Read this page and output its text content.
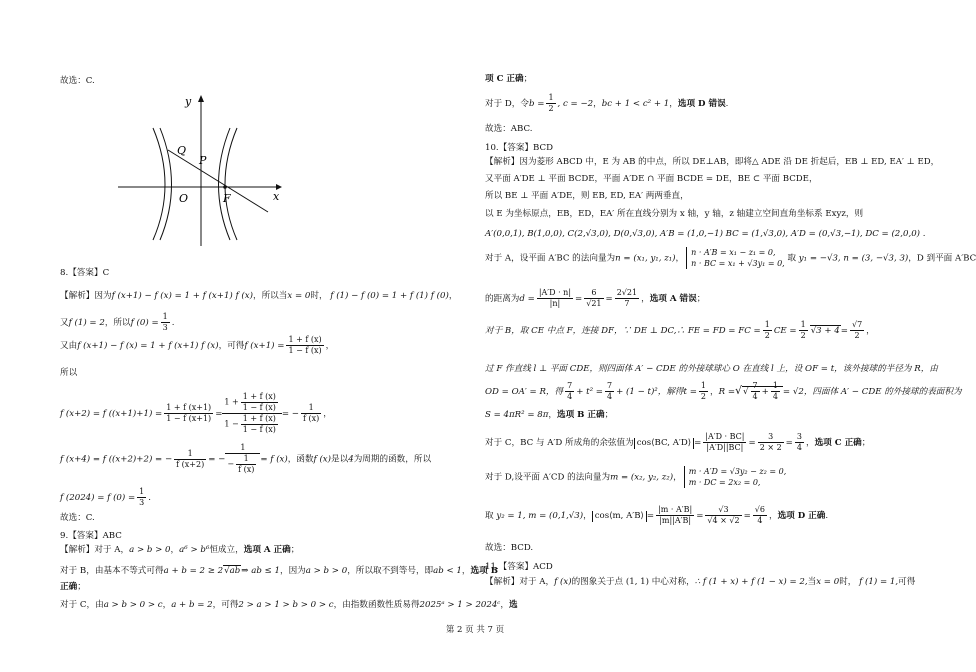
故选：C.
y
x
Q
P
O	F
8.【答案】C
【解析】因为f (x+1) − f (x) = 1 + f (x+1) f (x)，所以当x = 0时， f (1) − f (0) = 1 + f (1) f (0)，
又f (1) = 2，所以f $(0) = \frac{1}{3}$ .
又由f (x+1) − f (x) = 1 + f (x+1) f (x)，可得f $(x+1) = \frac{1 + f (x)}{1 - f (x)}$ ，
所以
f (x+2) = f $((x+1)+1) = \frac{1 + f (x+1)}{1 - f (x+1)} = \frac{1 + \frac{1 + f (x)}{1 - f (x)}}{1 - \frac{1 + f (x)}{1 - f (x)}}$ = − $\frac{1}{f (x)}$ ，
f (x+4) = f ((x+2)+2) = − $\frac{1}{f (x+2)}$ = − $\frac{1}{- \frac{1}{f (x)}} = f$ (x)，函数f (x)是以4为周期的函数，所以
f (2024) = f $(0) = \frac{1}{3}$ .
故选：C.
9.【答案】ABC
【解析】对于 A，a > b > 0，a⁶ > b⁶恒成立，选项 A 正确；
对于 B，由基本不等式可得a + b = 2 ≥ 2 √ ab⇒ ab ≤ 1，因为a > b > 0，所以取不到等号，即ab < 1，选项 B
正确；
对于 C，由a > b > 0 > c，a + b = 2，可得2 > a > 1 > b > 0 > c，由指数函数性质易得2025ᵃ > 1 > 2024ᶜ，选
项 C 正确；
对于 D，令$b = \frac{1}{2}$ , c = −2，bc + 1 < c² + 1，选项 D 错误.
故选：ABC.
10.【答案】BCD
【解析】因为菱形 ABCD 中，E 为 AB 的中点，所以 DE⊥AB，即将△ ADE 沿 DE 折起后，EB ⊥ ED, EA′ ⊥ ED，
又平面 A′DE ⊥ 平面 BCDE，平面 A′DE ∩ 平面 BCDE = DE，BE ⊂ 平面 BCDE，
所以 BE ⊥ 平面 A′DE，则 EB, ED, EA′ 两两垂直，
以 E 为坐标原点，EB，ED，EA′ 所在直线分别为 x 轴，y 轴，z 轴建立空间直角坐标系 Exyz，则
A′(0,0,1), B(1,0,0), C(2,√3,0), D(0,√3,0), A′B = (1,0,−1) BC = (1,√3,0), A′D = (0,√3,−1), DC = (2,0,0) .
对于 A，设平面 A′BC 的法向量为n = (x₁, y₁, z₁)，
n · A′B = x₁ − z₁ = 0,
n · BC = x₁ + √3y₁ = 0, 取 y₁ = −√3, n = (3, −√3, 3)，D 到平面 A′BC
的距离为$d = \frac{|A'D \cdot n|}{|n|} = \frac{6}{√21} = \frac{2√21}{7}$ ，选项 A 错误；
对于 B，取 CE 中点 F，连接 DF，∵ DE ⊥ DC,∴ FE = FD = FC = $\frac{1}{2}$ CE = $\frac{1}{2}$ √ $3 + 4= \frac{√7}{2}$ ，
过 F 作直线 l ⊥ 平面 CDE，则四面体 A′ − CDE 的外接球球心 O 在直线 l 上，设 OF = t，该外接球的半径为 R，由
OD = OA′ = R，得 $\frac{7}{4} + t^2 = \frac{7}{4} + (1 - t)^2$，解得$t = \frac{1}{2}$ ，R =√ √ $\frac{7}{4} + \frac{1}{4} = √2$，四面体 A′ − CDE 的外接球的表面积为
S = 4πR² = 8π，选项 B 正确；
对于 C，BC 与 A′D 所成角的余弦值为 cos⟨BC, A′D⟩ = $\frac{|A'D \cdot BC|}{|A'D||BC|} = \frac{3}{2 \times 2} = \frac{3}{4}$ ，选项 C 正确；
对于 D,设平面 A′CD 的法向量为m = (x₂, y₂, z₂)，
m · A′D = √3y₂ − z₂ = 0,
m · DC = 2x₂ = 0,
取 y₂ = 1, m = (0,1,√3)， cos⟨m, A′B⟩ = $\frac{|m \cdot A'B|}{|m||A'B|} = \frac{√3}{√4 \times √2} = \frac{√6}{4}$ ，选项 D 正确.
故选：BCD.
11.【答案】ACD
【解析】对于 A，f (x)的图象关于点 (1, 1) 中心对称，∴ f (1 + x) + f (1 − x) = 2,当x = 0时， f (1) = 1,可得
第 2 页 共 7 页
